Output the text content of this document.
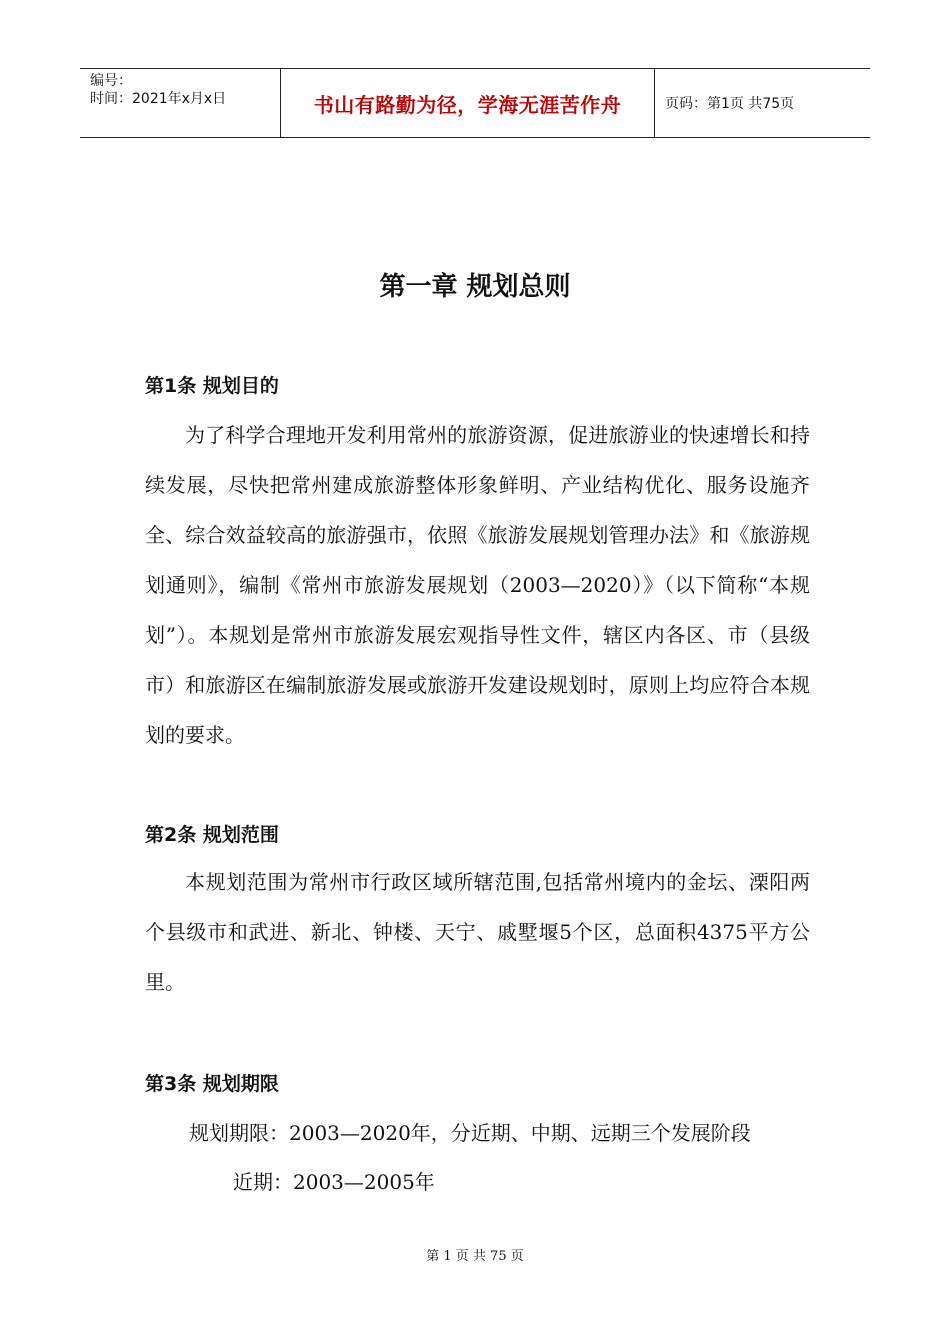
编号：
时间：2021年x月x日	书山有路勤为径，学海无涯苦作舟	页码：第1页 共75页
第一章 规划总则
第1条 规划目的

为了科学合理地开发利用常州的旅游资源，促进旅游业的快速增长和持续发展，尽快把常州建成旅游整体形象鲜明、产业结构优化、服务设施齐全、综合效益较高的旅游强市，依照《旅游发展规划管理办法》和《旅游规划通则》，编制《常州市旅游发展规划（2003—2020）》（以下简称“本规划”）。本规划是常州市旅游发展宏观指导性文件，辖区内各区、市（县级市）和旅游区在编制旅游发展或旅游开发建设规划时，原则上均应符合本规划的要求。

第2条 规划范围

本规划范围为常州市行政区域所辖范围,包括常州境内的金坛、溧阳两个县级市和武进、新北、钟楼、天宁、戚墅堰5个区，总面积4375平方公里。

第3条 规划期限
规划期限：2003—2020年，分近期、中期、远期三个发展阶段
近期：2003—2005年
第 1 页 共 75 页
